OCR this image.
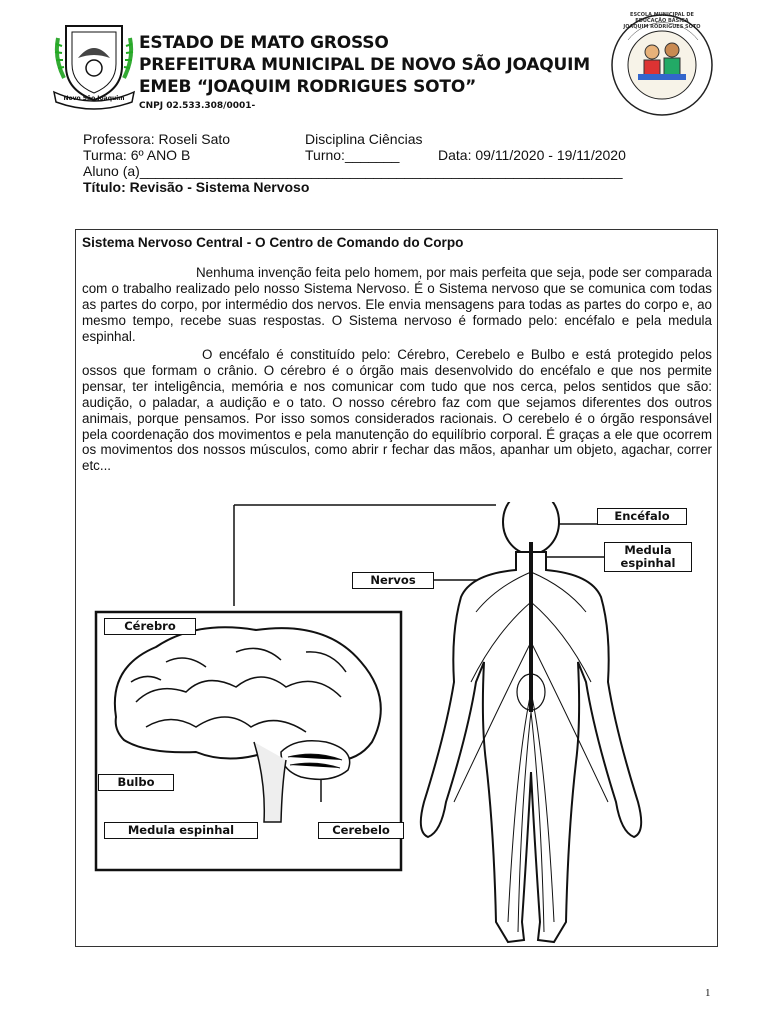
Novo São Joaquim
ESTADO DE MATO GROSSO
PREFEITURA MUNICIPAL DE NOVO SÃO JOAQUIM
EMEB “JOAQUIM RODRIGUES SOTO”
CNPJ 02.533.308/0001-
ESCOLA MUNICIPAL DE EDUCAÇÃO BÁSICA JOAQUIM RODRIGUES SOTO
Professora: Roseli Sato	Disciplina Ciências
Turma: 6º ANO B	Turno:_______	Data: 09/11/2020 - 19/11/2020
Aluno (a)______________________________________________________________
Título: Revisão - Sistema Nervoso
Sistema Nervoso Central - O Centro de Comando do Corpo
Nenhuma invenção feita pelo homem, por mais perfeita que seja, pode ser comparada com o trabalho realizado pelo nosso Sistema Nervoso. É o Sistema nervoso que se comunica com todas as partes do corpo, por intermédio dos nervos. Ele envia mensagens para todas as partes do corpo e, ao mesmo tempo, recebe suas respostas. O Sistema nervoso é formado pelo: encéfalo e pela medula espinhal.
O encéfalo é constituído pelo: Cérebro, Cerebelo e Bulbo e está protegido pelos ossos que formam o crânio. O cérebro é o órgão mais desenvolvido do encéfalo e que nos permite pensar, ter inteligência, memória e nos comunicar com tudo que nos cerca, pelos sentidos que são: audição, o paladar, a audição e o tato. O nosso cérebro faz com que sejamos diferentes dos outros animais, porque pensamos. Por isso somos considerados racionais. O cerebelo é o órgão responsável pela coordenação dos movimentos e pela manutenção do equilíbrio corporal. É graças a ele que ocorrem os movimentos dos nossos músculos, como abrir r fechar das mãos, apanhar um objeto, agachar, correr etc...
Encéfalo
Medula
espinhal
Nervos
Cérebro
Bulbo
Medula espinhal	Cerebelo
1
